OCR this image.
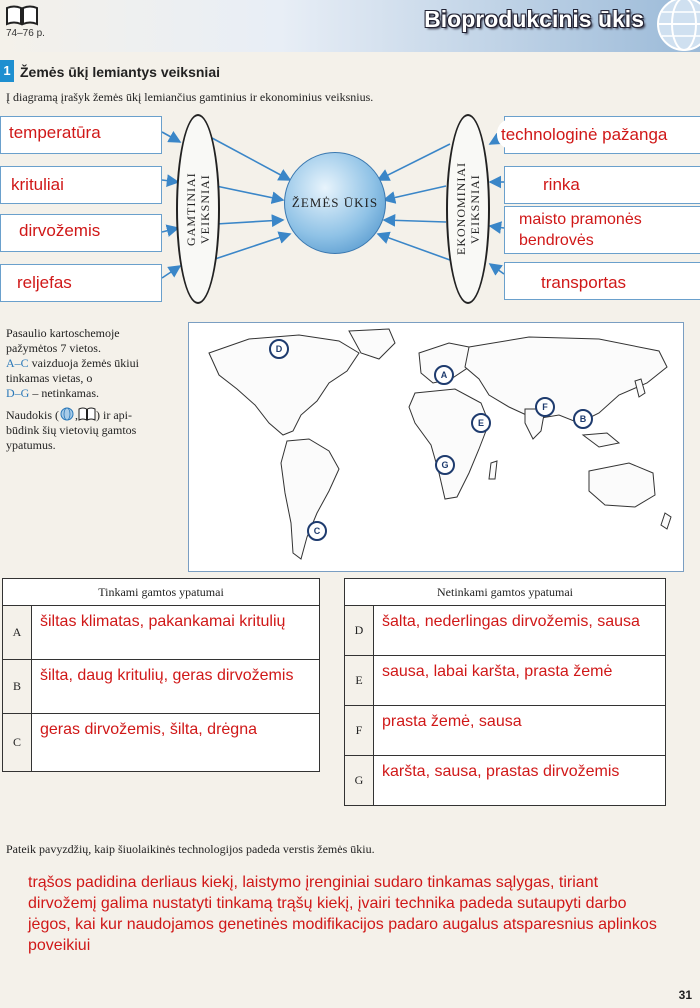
74–76 p.
Bioprodukcinis ūkis
1 Žemės ūkį lemiantys veiksniai
Į diagramą įrašyk žemės ūkį lemiančius gamtinius ir ekonominius veiksnius.
temperatūra
krituliai
dirvožemis
reljefas
GAMTINIAI VEIKSNIAI	ŽEMĖS ŪKIS	EKONOMINIAI VEIKSNIAI
technologinė pažanga
rinka
maisto pramonės bendrovės
transportas
Pasaulio kartoschemoje
pažymėtos 7 vietos.
A–C vaizduoja žemės ūkiui
tinkamas vietas, o
D–G – netinkamas.
Naudokis ( , ) ir api-
būdink šių vietovių gamtos
ypatumus.
D
A
E
F
B
G
C
Tinkami gamtos ypatumai	
A	šiltas klimatas, pakankamai kritulių
B	šilta, daug kritulių, geras dirvožemis
C	geras dirvožemis, šilta, drėgna
Netinkami gamtos ypatumai	
D	šalta, nederlingas dirvožemis, sausa
E	sausa, labai karšta, prasta žemė
F	prasta žemė, sausa
G	karšta, sausa, prastas dirvožemis
Pateik pavyzdžių, kaip šiuolaikinės technologijos padeda verstis žemės ūkiu.
trąšos padidina derliaus kiekį, laistymo įrenginiai sudaro tinkamas sąlygas, tiriant dirvožemį galima nustatyti tinkamą trąšų kiekį, įvairi technika padeda sutaupyti darbo jėgos, kai kur naudojamos genetinės modifikacijos padaro augalus atsparesnius aplinkos poveikiui
31
